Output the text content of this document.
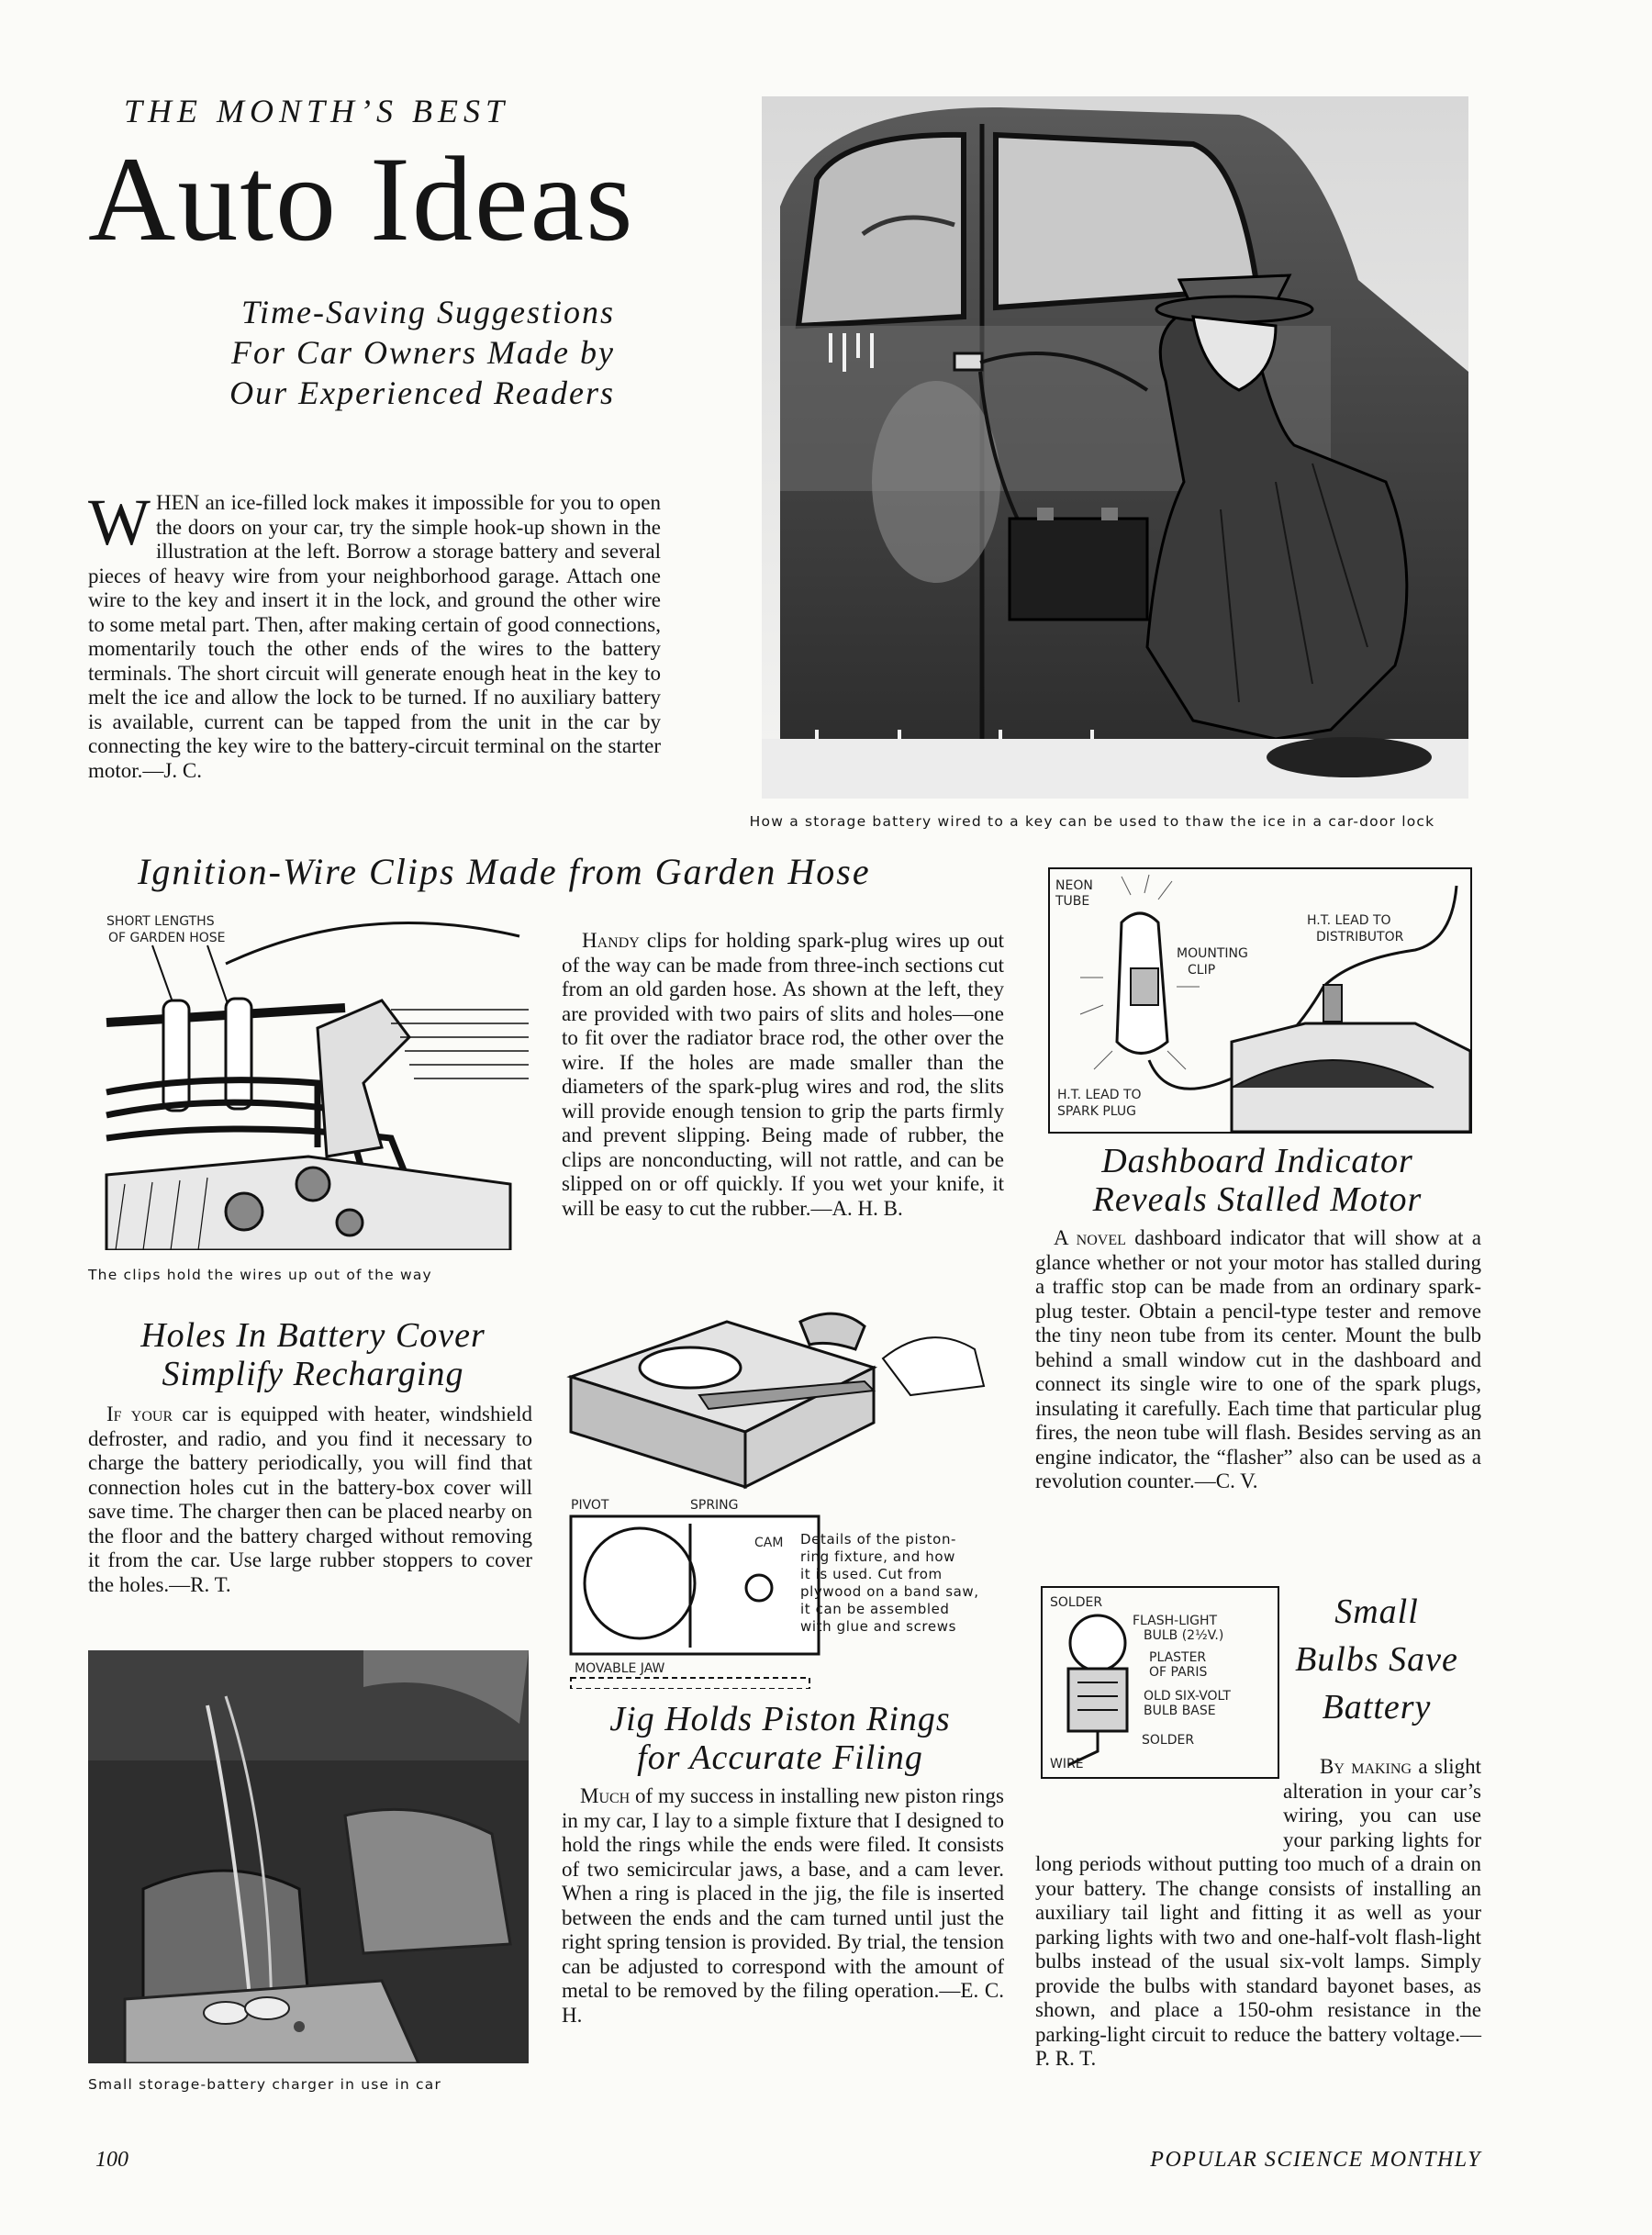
THE MONTH’S BEST
Auto Ideas
Time-Saving Suggestions
For Car Owners Made by
Our Experienced Readers
W HEN an ice-filled lock makes it impossible for you to open the doors on your car, try the simple hook-up shown in the illustration at the left. Borrow a storage battery and several pieces of heavy wire from your neighborhood garage. Attach one wire to the key and insert it in the lock, and ground the other wire to some metal part. Then, after making certain of good connections, momentarily touch the other ends of the wires to the battery terminals. The short circuit will generate enough heat in the key to melt the ice and allow the lock to be turned. If no auxiliary battery is available, current can be tapped from the unit in the car by connecting the key wire to the battery-circuit terminal on the starter motor.—J. C.
How a storage battery wired to a key can be used to thaw the ice in a car-door lock
Ignition-Wire Clips Made from Garden Hose
SHORT LENGTHS
OF GARDEN HOSE
The clips hold the wires up out of the way
Handy clips for holding spark-plug wires up out of the way can be made from three-inch sections cut from an old garden hose. As shown at the left, they are provided with two pairs of slits and holes—one to fit over the radiator brace rod, the other over the wire. If the holes are made smaller than the diameters of the spark-plug wires and rod, the slits will provide enough tension to grip the parts firmly and prevent slipping. Being made of rubber, the clips are nonconducting, will not rattle, and can be slipped on or off quickly. If you wet your knife, it will be easy to cut the rubber.—A. H. B.
NEON
TUBE
MOUNTING
CLIP
H.T. LEAD TO
DISTRIBUTOR
H.T. LEAD TO
SPARK PLUG
Dashboard Indicator
Reveals Stalled Motor
A novel dashboard indicator that will show at a glance whether or not your motor has stalled during a traffic stop can be made from an ordinary spark-plug tester. Obtain a pencil-type tester and remove the tiny neon tube from its center. Mount the bulb behind a small window cut in the dashboard and connect its single wire to one of the spark plugs, insulating it carefully. Each time that particular plug fires, the neon tube will flash. Besides serving as an engine indicator, the “flasher” also can be used as a revolution counter.—C. V.
Holes In Battery Cover
Simplify Recharging
If your car is equipped with heater, windshield defroster, and radio, and you find it necessary to charge the battery periodically, you will find that connection holes cut in the battery-box cover will save time. The charger then can be placed nearby on the floor and the battery charged without removing it from the car. Use large rubber stoppers to cover the holes.—R. T.
Small storage-battery charger in use in car
PIVOT	SPRING
CAM
MOVABLE JAW
Details of the piston-
ring fixture, and how
it is used. Cut from
plywood on a band saw,
it can be assembled
with glue and screws
Jig Holds Piston Rings
for Accurate Filing
Much of my success in installing new piston rings in my car, I lay to a simple fixture that I designed to hold the rings while the ends were filed. It consists of two semicircular jaws, a base, and a cam lever. When a ring is placed in the jig, the file is inserted between the ends and the cam turned until just the right spring tension is provided. By trial, the tension can be adjusted to correspond with the amount of metal to be removed by the filing operation.—E. C. H.
SOLDER
FLASH-LIGHT
BULB (2½V.)
PLASTER
OF PARIS
OLD SIX-VOLT
BULB BASE
SOLDER
WIRE
Small
Bulbs Save
Battery
By making a slight alteration in your car’s wiring, you can use your parking lights for long periods without putting too much of a drain on your battery. The change consists of installing an auxiliary tail light and fitting it as well as your parking lights with two and one-half-volt flash-light bulbs instead of the usual six-volt lamps. Simply provide the bulbs with standard bayonet bases, as shown, and place a 150-ohm resistance in the parking-light circuit to reduce the battery voltage.—P. R. T.
100	POPULAR SCIENCE MONTHLY
